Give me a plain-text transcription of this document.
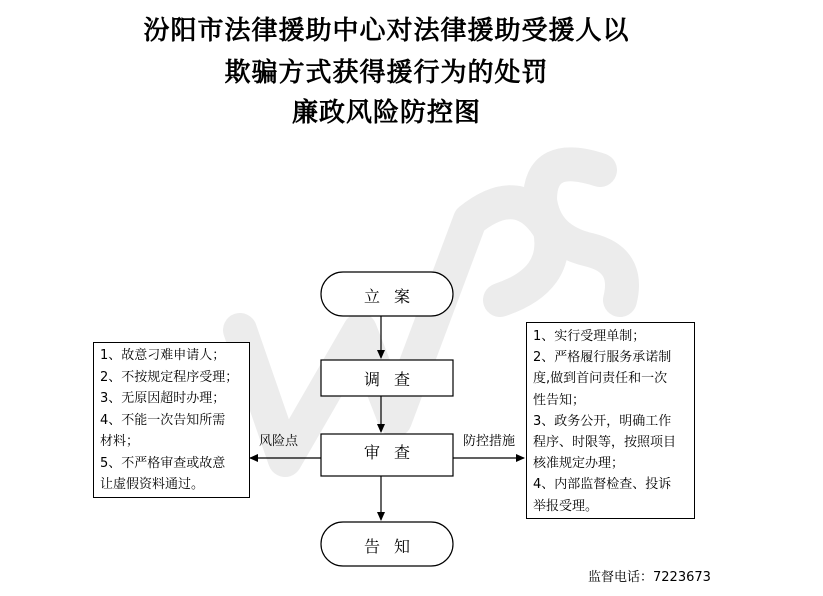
汾阳市法律援助中心对法律援助受援人以
欺骗方式获得援行为的处罚
廉政风险防控图
立案
调查
审查
告知
风险点	防控措施
1、故意刁难申请人；
2、不按规定程序受理；
3、无原因超时办理；
4、不能一次告知所需
材料；
5、不严格审查或故意
让虚假资料通过。
1、实行受理单制；
2、严格履行服务承诺制
度,做到首问责任和一次
性告知；
3、政务公开，明确工作
程序、时限等，按照项目
核准规定办理；
4、内部监督检查、投诉
举报受理。
监督电话：7223673
